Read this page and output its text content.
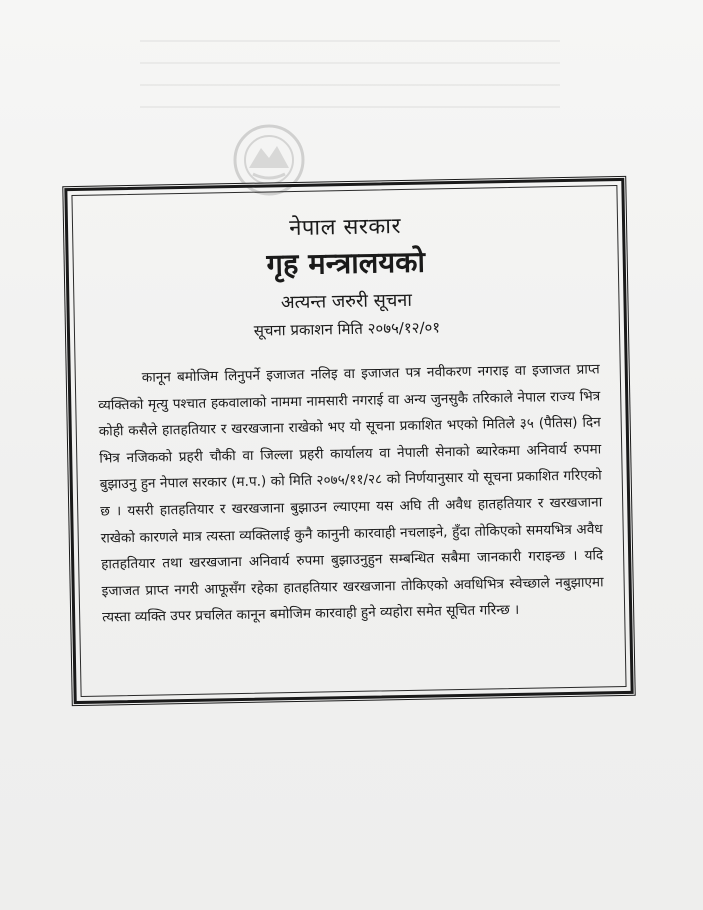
नेपाल सरकार
गृह मन्त्रालयको
अत्यन्त जरुरी सूचना
सूचना प्रकाशन मिति २०७५/१२/०१
कानून बमोजिम लिनुपर्ने इजाजत नलिइ वा इजाजत पत्र नवीकरण नगराइ वा इजाजत प्राप्त व्यक्तिको मृत्यु पश्चात हकवालाको नाममा नामसारी नगराई वा अन्य जुनसुकै तरिकाले नेपाल राज्य भित्र कोही कसैले हातहतियार र खरखजाना राखेको भए यो सूचना प्रकाशित भएको मितिले ३५ (पैतिस) दिन भित्र नजिकको प्रहरी चौकी वा जिल्ला प्रहरी कार्यालय वा नेपाली सेनाको ब्यारेकमा अनिवार्य रुपमा बुझाउनु हुन नेपाल सरकार (म.प.) को मिति २०७५/११/२८ को निर्णयानुसार यो सूचना प्रकाशित गरिएको छ । यसरी हातहतियार र खरखजाना बुझाउन ल्याएमा यस अघि ती अवैध हातहतियार र खरखजाना राखेको कारणले मात्र त्यस्ता व्यक्तिलाई कुनै कानुनी कारवाही नचलाइने, हुँदा तोकिएको समयभित्र अवैध हातहतियार तथा खरखजाना अनिवार्य रुपमा बुझाउनुहुन सम्बन्धित सबैमा जानकारी गराइन्छ । यदि इजाजत प्राप्त नगरी आफूसँग रहेका हातहतियार खरखजाना तोकिएको अवधिभित्र स्वेच्छाले नबुझाएमा त्यस्ता व्यक्ति उपर प्रचलित कानून बमोजिम कारवाही हुने व्यहोरा समेत सूचित गरिन्छ ।
